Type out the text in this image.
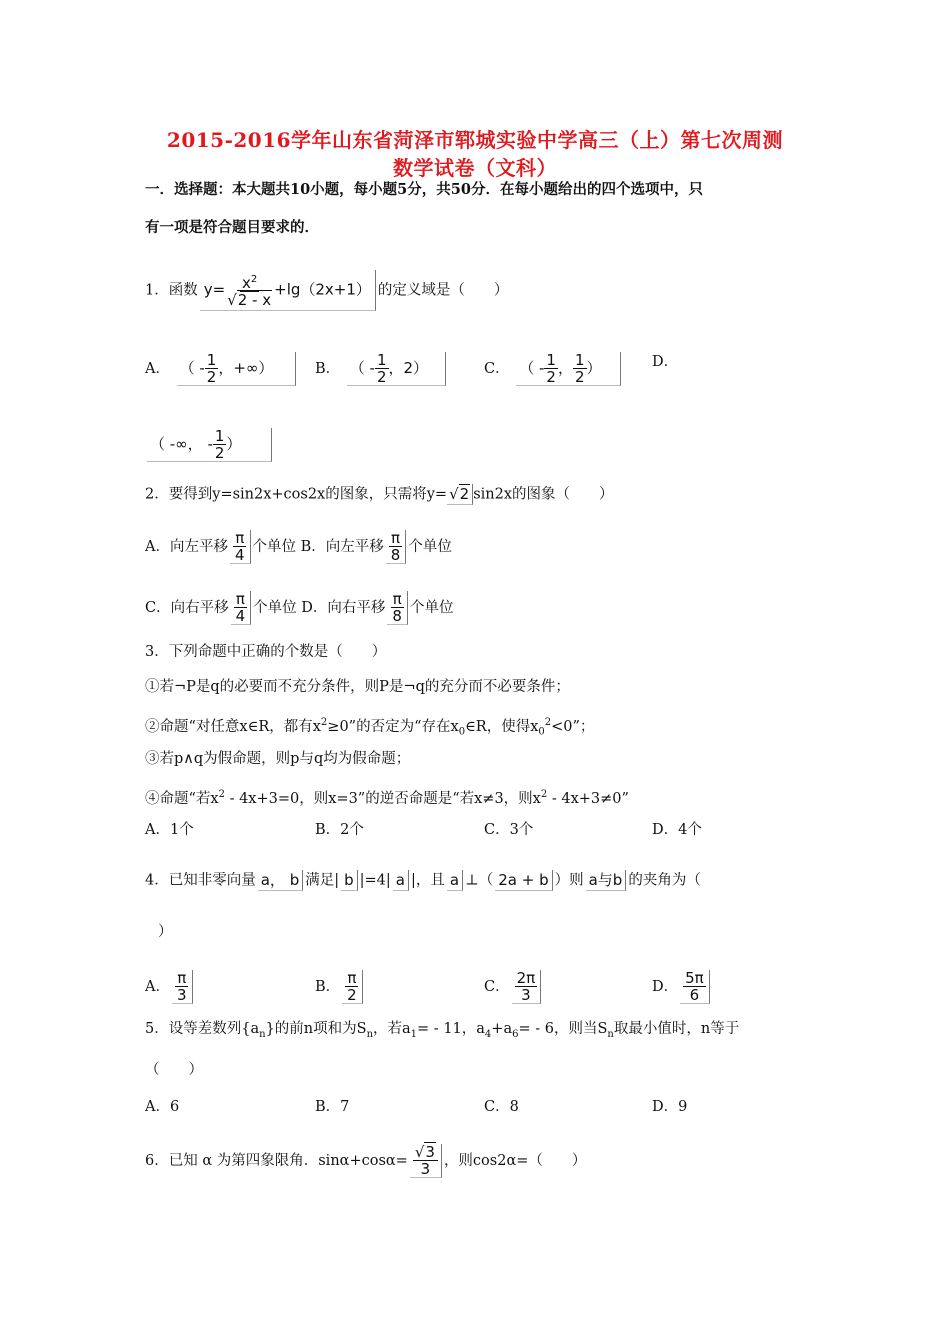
2015-2016学年山东省菏泽市郓城实验中学高三（上）第七次周测
数学试卷（文科）
一．选择题：本大题共10小题，每小题5分，共50分．在每小题给出的四个选项中，只
有一项是符合题目要求的．
1．函数 $y= \frac{x^2}{√2 - x} +\lg(2x+1)$ 的定义域是（　　）
A． （ - $\frac{1}{2}$ ，+∞）	B． （ - $\frac{1}{2}$ ，2）	C． （ - $\frac{1}{2}$ ， $\frac{1}{2}$ ）	D．
（ -∞， - $\frac{1}{2}$ ）
2．要得到y=sin2x+cos2x的图象，只需将y= √2 sin2x的图象（　　）
A．向左平移 $\frac{\pi}{4}$ 个单位 B．向左平移 $\frac{\pi}{8}$ 个单位
C．向右平移 $\frac{\pi}{4}$ 个单位 D．向右平移 $\frac{\pi}{8}$ 个单位
3．下列命题中正确的个数是（　　）
①若¬P是q的必要而不充分条件，则P是¬q的充分而不必要条件；
②命题“对任意x∈R，都有$x^2\ge 0$”的否定为“存在$x_0\in R$，使得$x_0^2<0$”；
③若p∧q为假命题，则p与q均为假命题；
④命题“若$x^2 - 4x+3=0$，则x=3”的逆否命题是“若x≠3，则$x^2 - 4x+3\ne 0$”
A．1个	B．2个	C．3个	D．4个
4．已知非零向量 a， b 满足| b |=4| a |，且 a ⊥（ 2a + b ）则 a与b 的夹角为（
）
A． $\frac{\pi}{3}$	B． $\frac{\pi}{2}$	C． $\frac{2\pi}{3}$	D． $\frac{5\pi}{6}$
5．设等差数列$\{a_n\}$的前n项和为$S_n$，若$a_1= - 11$，$a_4+a_6= - 6$，则当$S_n$取最小值时，n等于
（　　）
A．6	B．7	C．8	D．9
6．已知 α 为第四象限角．$\sin\alpha+\cos\alpha= \frac{√3}{3}$ ，则cos2α=（　　）
